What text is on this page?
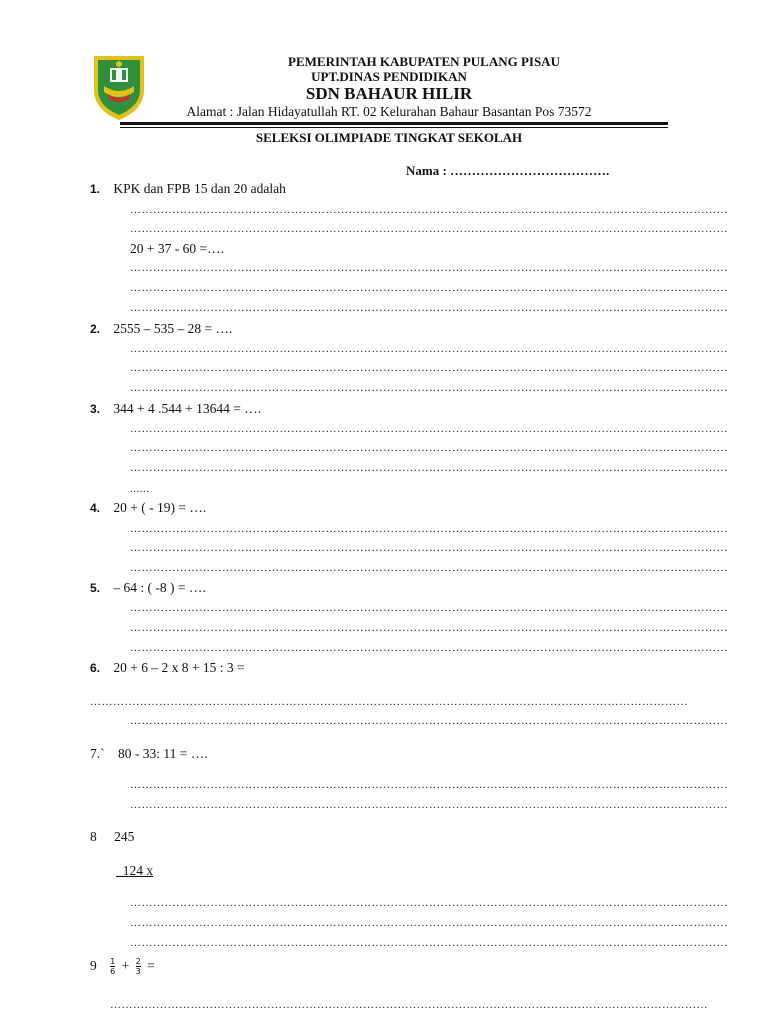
PEMERINTAH KABUPATEN PULANG PISAU
UPT.DINAS PENDIDIKAN
SDN BAHAUR HILIR
Alamat : Jalan Hidayatullah RT. 02 Kelurahan Bahaur Basantan Pos 73572
SELEKSI OLIMPIADE TINGKAT SEKOLAH
Nama : ……………………………….
1. KPK dan FPB 15 dan 20 adalah
…………………………………………………………………………………………………………………………………………
…………………………………………………………………………………………………………………………………………
20 + 37 - 60 =….
…………………………………………………………………………………………………………………………………………
…………………………………………………………………………………………………………………………………………
…………………………………………………………………………………………………………………………………………
2. 2555 – 535 – 28 = ….
…………………………………………………………………………………………………………………………………………
…………………………………………………………………………………………………………………………………………
…………………………………………………………………………………………………………………………………………
3. 344 + 4 .544 + 13644 = ….
…………………………………………………………………………………………………………………………………………
…………………………………………………………………………………………………………………………………………
…………………………………………………………………………………………………………………………………………
......
4. 20 + ( - 19) = ….
…………………………………………………………………………………………………………………………………………
…………………………………………………………………………………………………………………………………………
…………………………………………………………………………………………………………………………………………
5. – 64 : ( -8 ) = ….
…………………………………………………………………………………………………………………………………………
…………………………………………………………………………………………………………………………………………
…………………………………………………………………………………………………………………………………………
6. 20 + 6 – 2 x 8 + 15 : 3 =
…………………………………………………………………………………………………………………………………………
…………………………………………………………………………………………………………………………………………
7.` 80 - 33: 11 = ….
…………………………………………………………………………………………………………………………………………
…………………………………………………………………………………………………………………………………………
8 245
_124 x
…………………………………………………………………………………………………………………………………………
…………………………………………………………………………………………………………………………………………
…………………………………………………………………………………………………………………………………………
$9 \frac{1}{6} + \frac{2}{3}$ =
…………………………………………………………………………………………………………………………………………
